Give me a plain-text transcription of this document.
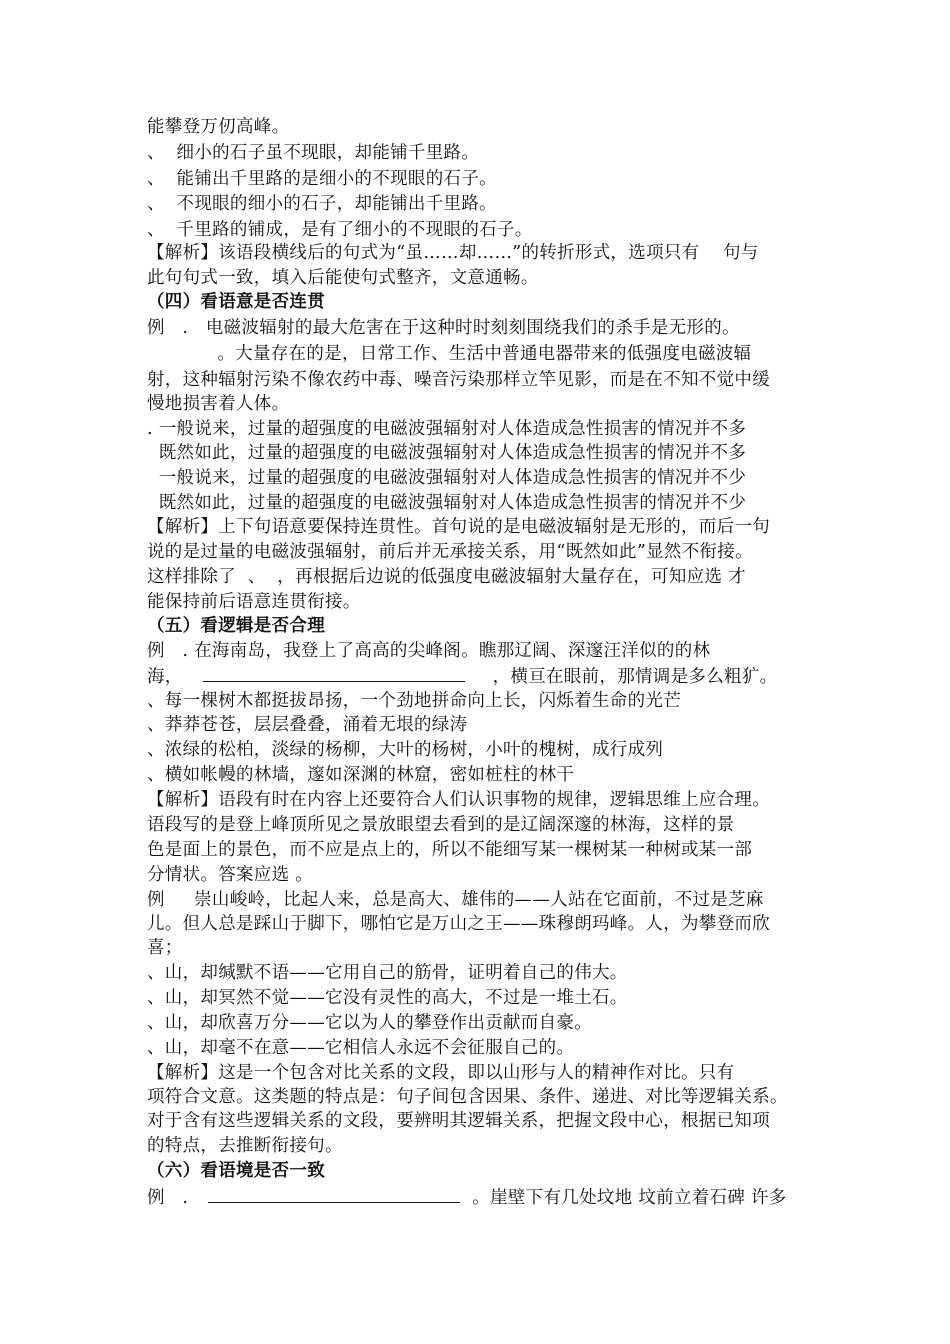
能攀登万仞高峰。
、  细小的石子虽不现眼，却能铺千里路。
、  能铺出千里路的是细小的不现眼的石子。
、  不现眼的细小的石子，却能铺出千里路。
、  千里路的铺成，是有了细小的不现眼的石子。
【解析】该语段横线后的句式为“虽……却……”的转折形式，选项只有    句与
此句句式一致，填入后能使句式整齐，文意通畅。
（四）看语意是否连贯
例   .   电磁波辐射的最大危害在于这种时时刻刻围绕我们的杀手是无形的。
。大量存在的是，日常工作、生活中普通电器带来的低强度电磁波辐
射，这种辐射污染不像农药中毒、噪音污染那样立竿见影，而是在不知不觉中缓
慢地损害着人体。
. 一般说来，过量的超强度的电磁波强辐射对人体造成急性损害的情况并不多
既然如此，过量的超强度的电磁波强辐射对人体造成急性损害的情况并不多
一般说来，过量的超强度的电磁波强辐射对人体造成急性损害的情况并不少
既然如此，过量的超强度的电磁波强辐射对人体造成急性损害的情况并不少
【解析】上下句语意要保持连贯性。首句说的是电磁波辐射是无形的，而后一句
说的是过量的电磁波强辐射，前后并无承接关系，用“既然如此”显然不衔接。
这样排除了  、  ，再根据后边说的低强度电磁波辐射大量存在，可知应选 才
能保持前后语意连贯衔接。
（五）看逻辑是否合理
例   . 在海南岛，我登上了高高的尖峰阁。瞧那辽阔、深邃汪洋似的的林
海，	，横亘在眼前，那情调是多么粗犷。
、每一棵树木都挺拔昂扬，一个劲地拼命向上长，闪烁着生命的光芒
、莽莽苍苍，层层叠叠，涌着无垠的绿涛
、浓绿的松柏，淡绿的杨柳，大叶的杨树，小叶的槐树，成行成列
、横如帐幔的林墙，邃如深渊的林窟，密如桩柱的林干
【解析】语段有时在内容上还要符合人们认识事物的规律，逻辑思维上应合理。
语段写的是登上峰顶所见之景放眼望去看到的是辽阔深邃的林海，这样的景
色是面上的景色，而不应是点上的，所以不能细写某一棵树某一种树或某一部
分情状。答案应选 。
例     崇山峻岭，比起人来，总是高大、雄伟的——人站在它面前，不过是芝麻
儿。但人总是踩山于脚下，哪怕它是万山之王——珠穆朗玛峰。人，为攀登而欣
喜；
、山，却缄默不语——它用自己的筋骨，证明着自己的伟大。
、山，却冥然不觉——它没有灵性的高大，不过是一堆土石。
、山，却欣喜万分——它以为人的攀登作出贡献而自豪。
、山，却毫不在意——它相信人永远不会征服自己的。
【解析】这是一个包含对比关系的文段，即以山形与人的精神作对比。只有
项符合文意。这类题的特点是：句子间包含因果、条件、递进、对比等逻辑关系。
对于含有这些逻辑关系的文段，要辨明其逻辑关系，把握文段中心，根据已知项
的特点，去推断衔接句。
（六）看语境是否一致
例   .	。崖壁下有几处坟地 坟前立着石碑 许多
